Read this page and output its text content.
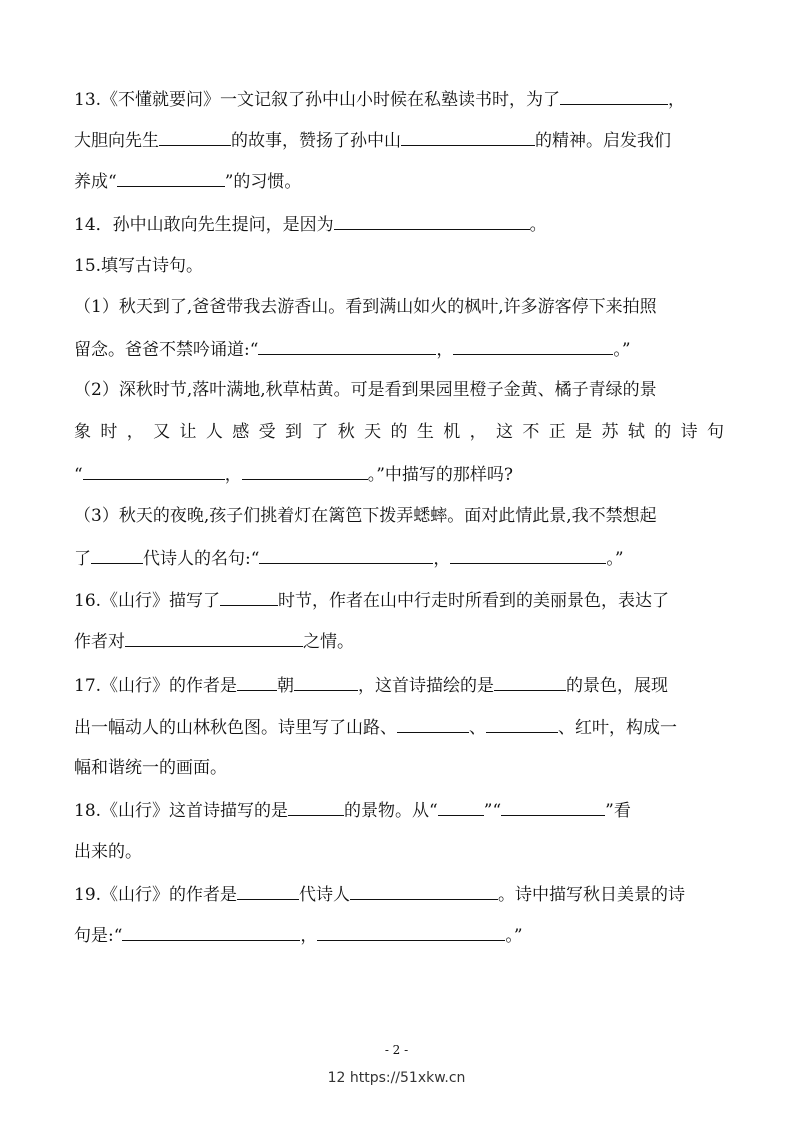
13.《不懂就要问》一文记叙了孙中山小时候在私塾读书时，为了	，
大胆向先生	的故事，赞扬了孙中山	的精神。启发我们
养成“	”的习惯。
14．孙中山敢向先生提问，是因为	。
15.填写古诗句。
（1）秋天到了,爸爸带我去游香山。看到满山如火的枫叶,许多游客停下来拍照
留念。爸爸不禁吟诵道:“	，	。”
（2）深秋时节,落叶满地,秋草枯黄。可是看到果园里橙子金黄、橘子青绿的景
象 时 ， 又 让 人 感 受 到 了 秋 天 的 生 机 ， 这 不 正 是 苏 轼 的 诗 句
“	，	。”中描写的那样吗?
（3）秋天的夜晚,孩子们挑着灯在篱笆下拨弄蟋蟀。面对此情此景,我不禁想起
了	代诗人的名句:“	，	。”
16.《山行》描写了	时节，作者在山中行走时所看到的美丽景色，表达了
作者对	之情。
17.《山行》的作者是 朝	，这首诗描绘的是	的景色，展现
出一幅动人的山林秋色图。诗里写了山路、	、	、红叶，构成一
幅和谐统一的画面。
18.《山行》这首诗描写的是	的景物。从“	”“	”看
出来的。
19.《山行》的作者是	代诗人	。诗中描写秋日美景的诗
句是:“	，	。”
- 2 -
12 https://51xkw.cn
